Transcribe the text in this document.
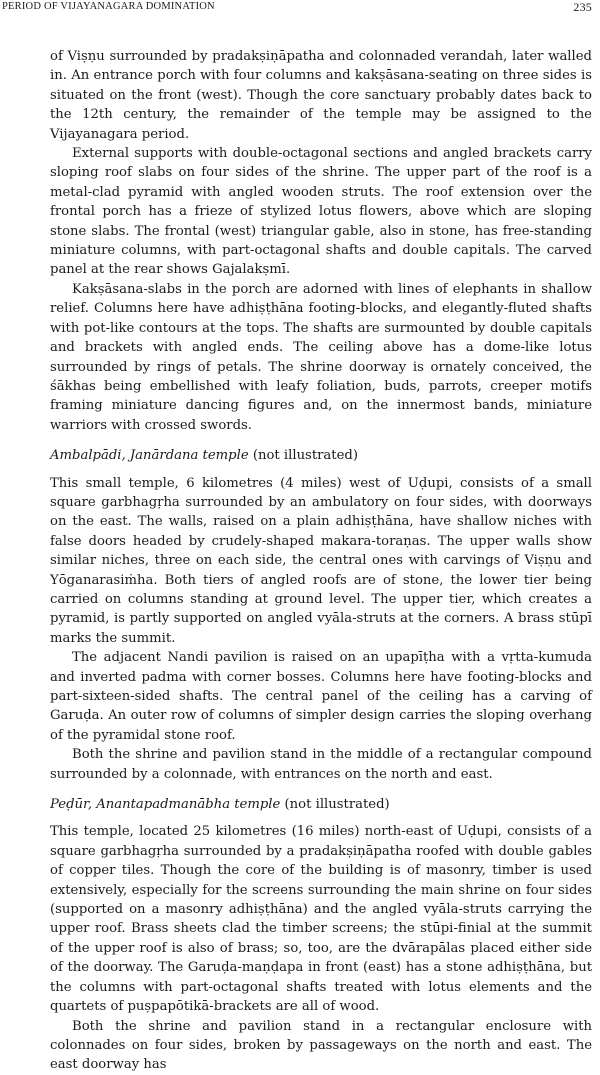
PERIOD OF VIJAYANAGARA DOMINATION	235

of Viṣṇu surrounded by pradakṣiṇāpatha and colonnaded verandah, later walled in. An entrance porch with four columns and kakṣāsana-seating on three sides is situated on the front (west). Though the core sanctuary probably dates back to the 12th century, the remainder of the temple may be assigned to the Vijayanagara period.

External supports with double-octagonal sections and angled brackets carry sloping roof slabs on four sides of the shrine. The upper part of the roof is a metal-clad pyramid with angled wooden struts. The roof extension over the frontal porch has a frieze of stylized lotus flowers, above which are sloping stone slabs. The frontal (west) triangular gable, also in stone, has free-standing miniature columns, with part-octagonal shafts and double capitals. The carved panel at the rear shows Gajalakṣmī.

Kakṣāsana-slabs in the porch are adorned with lines of elephants in shallow relief. Columns here have adhiṣṭhāna footing-blocks, and elegantly-fluted shafts with pot-like contours at the tops. The shafts are surmounted by double capitals and brackets with angled ends. The ceiling above has a dome-like lotus surrounded by rings of petals. The shrine doorway is ornately conceived, the śākhas being embellished with leafy foliation, buds, parrots, creeper motifs framing miniature dancing figures and, on the innermost bands, miniature warriors with crossed swords.

Ambalpādi, Janārdana temple (not illustrated)

This small temple, 6 kilometres (4 miles) west of Uḍupi, consists of a small square garbhagṛha surrounded by an ambulatory on four sides, with doorways on the east. The walls, raised on a plain adhiṣṭhāna, have shallow niches with false doors headed by crudely-shaped makara-toraṇas. The upper walls show similar niches, three on each side, the central ones with carvings of Viṣṇu and Yōganarasiṁha. Both tiers of angled roofs are of stone, the lower tier being carried on columns standing at ground level. The upper tier, which creates a pyramid, is partly supported on angled vyāla-struts at the corners. A brass stūpī marks the summit.

The adjacent Nandi pavilion is raised on an upapīṭha with a vṛtta-kumuda and inverted padma with corner bosses. Columns here have footing-blocks and part-sixteen-sided shafts. The central panel of the ceiling has a carving of Garuḍa. An outer row of columns of simpler design carries the sloping overhang of the pyramidal stone roof.

Both the shrine and pavilion stand in the middle of a rectangular compound surrounded by a colonnade, with entrances on the north and east.

Peḍūr, Anantapadmanābha temple (not illustrated)

This temple, located 25 kilometres (16 miles) north-east of Uḍupi, consists of a square garbhagṛha surrounded by a pradakṣiṇāpatha roofed with double gables of copper tiles. Though the core of the building is of masonry, timber is used extensively, especially for the screens surrounding the main shrine on four sides (supported on a masonry adhiṣṭhāna) and the angled vyāla-struts carrying the upper roof. Brass sheets clad the timber screens; the stūpi-finial at the summit of the upper roof is also of brass; so, too, are the dvārapālas placed either side of the doorway. The Garuḍa-maṇḍapa in front (east) has a stone adhiṣṭhāna, but the columns with part-octagonal shafts treated with lotus elements and the quartets of puṣpapōtikā-brackets are all of wood.

Both the shrine and pavilion stand in a rectangular enclosure with colonnades on four sides, broken by passageways on the north and east. The east doorway has
